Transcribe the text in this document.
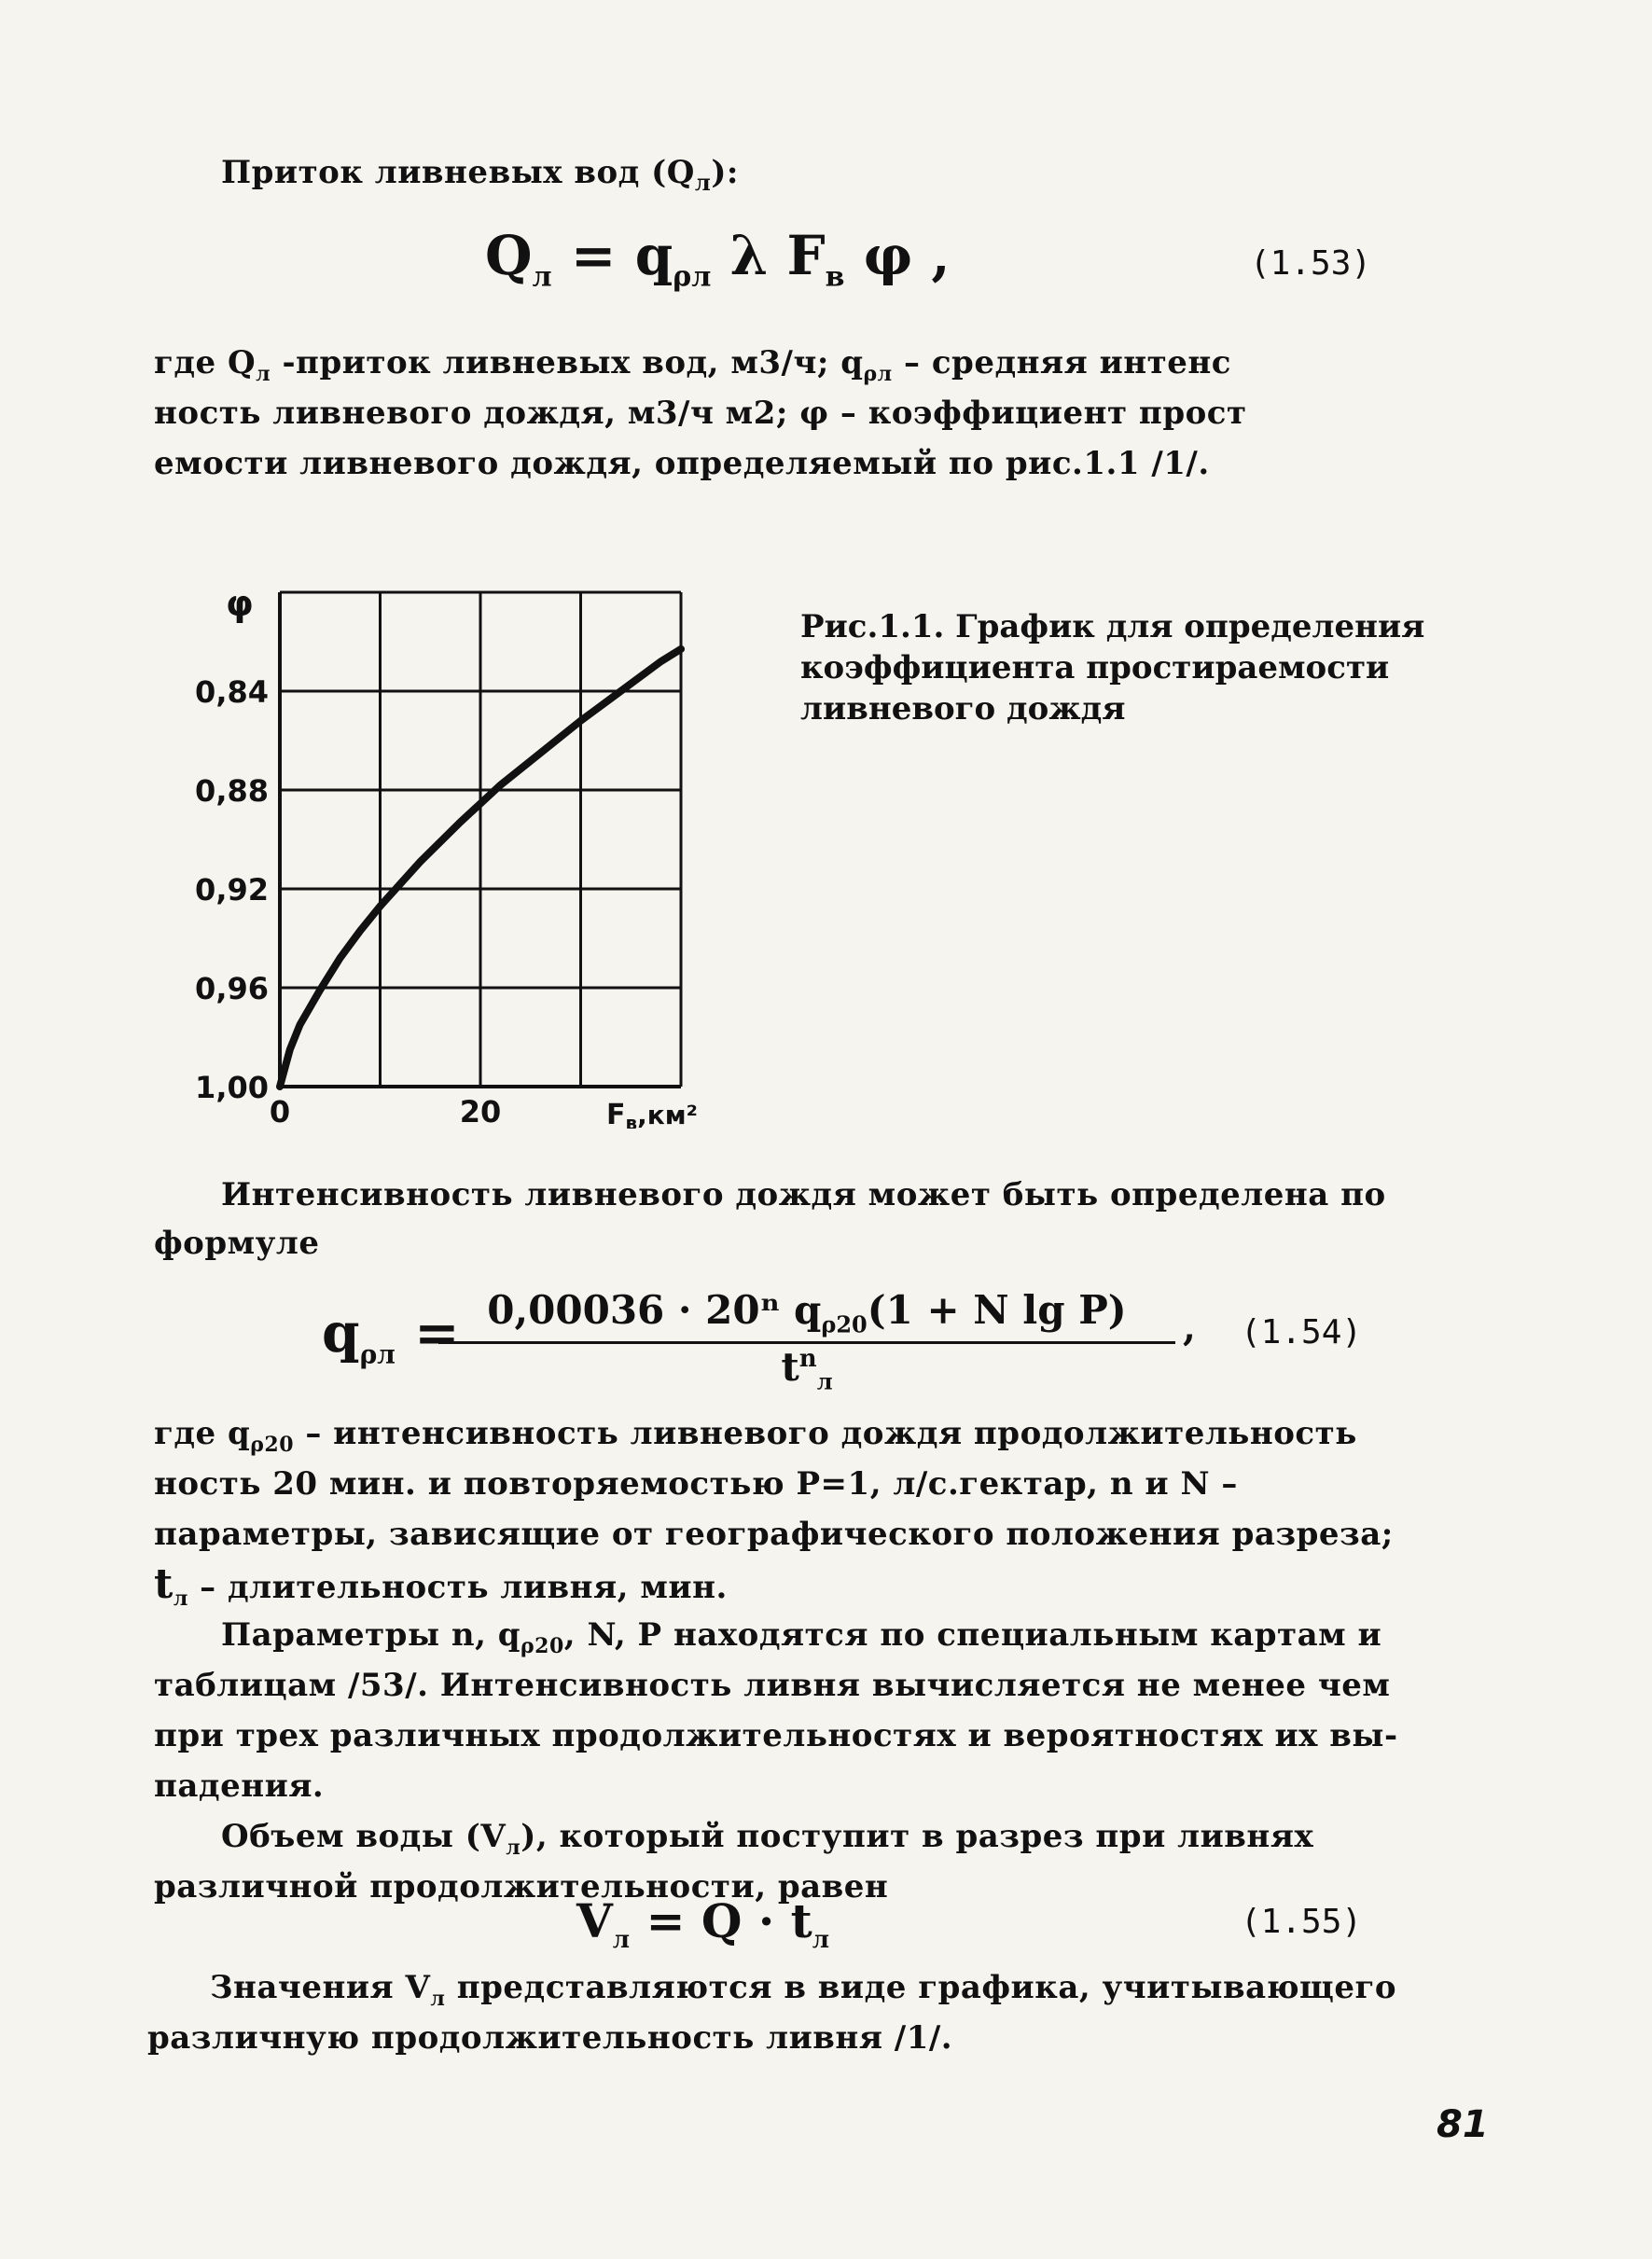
Приток ливневых вод $(Q_л)$:
$Q_л = q_{\rho л}$ λ $F_в$ φ ,	(1.53)
где $Q_л$ -приток ливневых вод, м3/ч; $q_{\rho л}$ – средняя интенс
ность ливневого дождя, м3/ч м2; φ – коэффициент прост
емости ливневого дождя, определяемый по рис.1.1 /1/.
0,84
0,88
0,92
0,96
1,00
0	20
φ
$F_в,км^2$
Рис.1.1. График для определения коэффициента простираемости ливневого дождя
Интенсивность ливневого дождя может быть определена по
формуле
$q_{\rho л} = 0,00036 \cdot 20^n$ $q_{\rho 20}(1 + N$ lg P)
$t^n_л$
, (1.54)
где $q_{\rho 20}$ – интенсивность ливневого дождя продолжительность
ность 20 мин. и повторяемостью P=1, л/с.гектар, n и N –
параметры, зависящие от географического положения разреза;
$t_л$ – длительность ливня, мин.
Параметры n, $q_{\rho 20}$, N, P находятся по специальным картам и
таблицам /53/. Интенсивность ливня вычисляется не менее чем
при трех различных продолжительностях и вероятностях их вы-
падения.
Объем воды $(V_л)$, который поступит в разрез при ливнях
различной продолжительности, равен
$V_л = Q \cdot t_л$	(1.55)
Значения $V_л$ представляются в виде графика, учитывающего
различную продолжительность ливня /1/.
81
